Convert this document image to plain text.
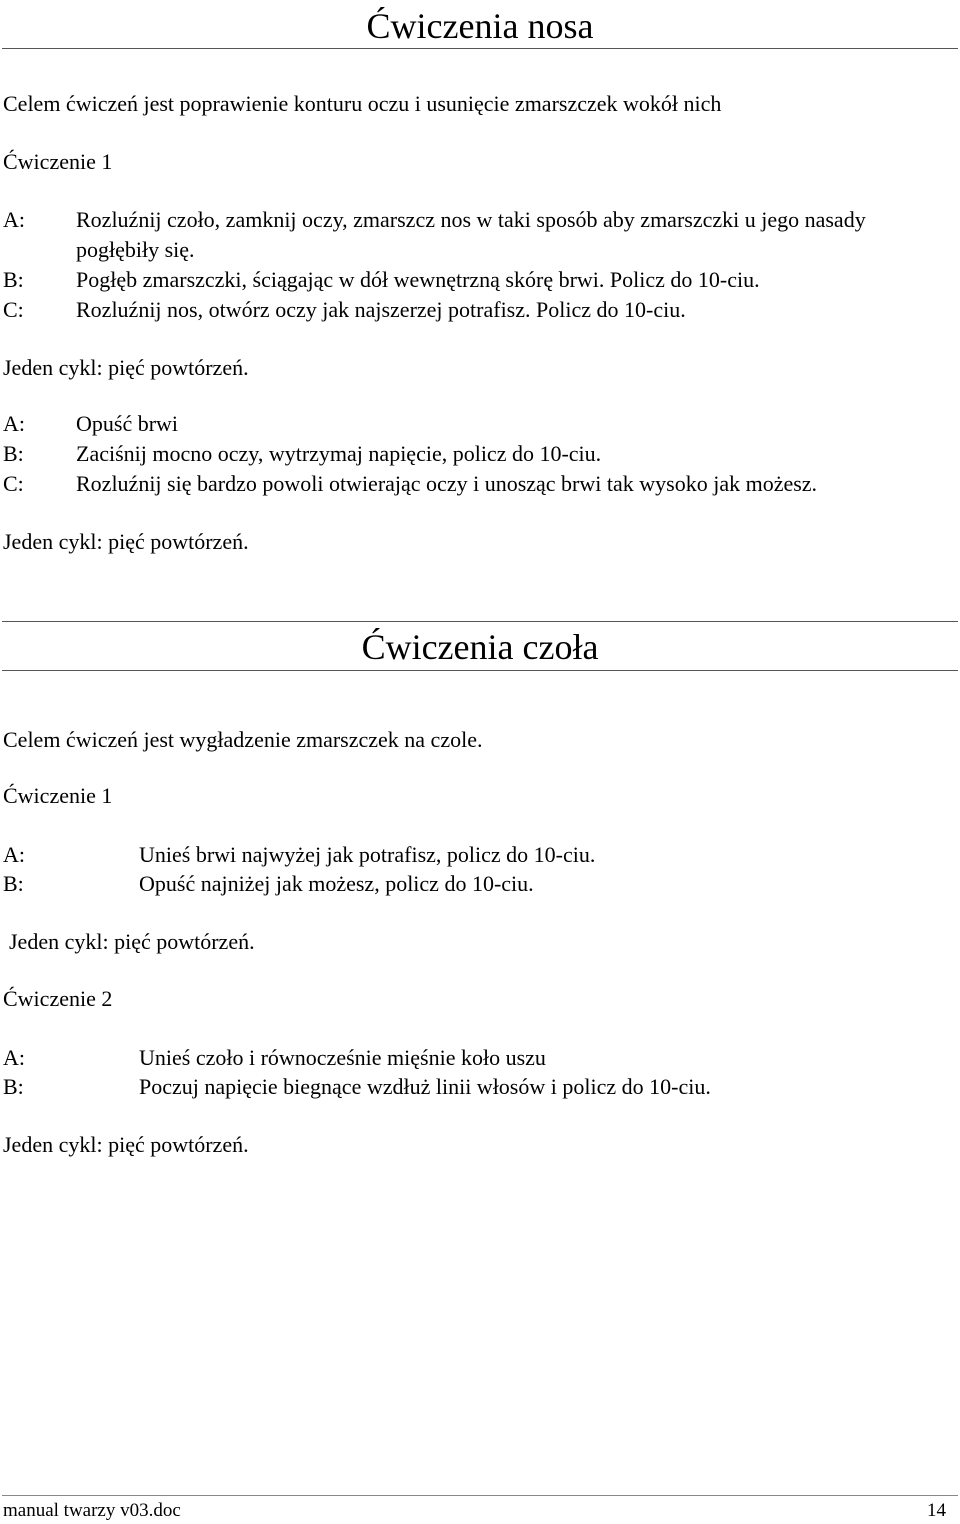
Ćwiczenia nosa
Celem ćwiczeń jest poprawienie konturu oczu i usunięcie zmarszczek wokół nich
Ćwiczenie 1
A:	Rozluźnij czoło, zamknij oczy, zmarszcz nos w taki sposób aby zmarszczki u jego nasady pogłębiły się.
B:	Pogłęb zmarszczki, ściągając w dół wewnętrzną skórę brwi. Policz do 10-ciu.
C:	Rozluźnij nos, otwórz oczy jak najszerzej potrafisz. Policz do 10-ciu.
Jeden cykl: pięć powtórzeń.
A:	Opuść brwi
B:	Zaciśnij mocno oczy, wytrzymaj napięcie, policz do 10-ciu.
C:	Rozluźnij się bardzo powoli otwierając oczy i unosząc brwi tak wysoko jak możesz.
Jeden cykl: pięć powtórzeń.
Ćwiczenia czoła
Celem ćwiczeń jest wygładzenie zmarszczek na czole.
Ćwiczenie 1
A:	Unieś brwi najwyżej jak potrafisz, policz do 10-ciu.
B:	Opuść najniżej jak możesz, policz do 10-ciu.
Jeden cykl: pięć powtórzeń.
Ćwiczenie 2
A:	Unieś czoło i równocześnie mięśnie koło uszu
B:	Poczuj napięcie biegnące wzdłuż linii włosów i policz do 10-ciu.
Jeden cykl: pięć powtórzeń.
manual twarzy v03.doc	14
